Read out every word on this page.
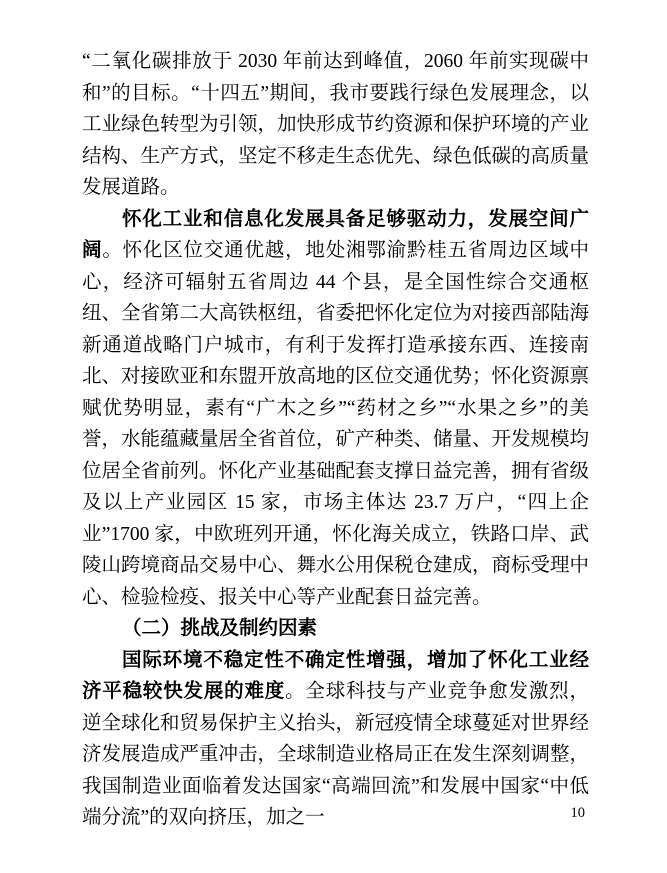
“二氧化碳排放于 2030 年前达到峰值，2060 年前实现碳中和”的目标。“十四五”期间，我市要践行绿色发展理念，以工业绿色转型为引领，加快形成节约资源和保护环境的产业结构、生产方式，坚定不移走生态优先、绿色低碳的高质量发展道路。

怀化工业和信息化发展具备足够驱动力，发展空间广阔。怀化区位交通优越，地处湘鄂渝黔桂五省周边区域中心，经济可辐射五省周边 44 个县，是全国性综合交通枢纽、全省第二大高铁枢纽，省委把怀化定位为对接西部陆海新通道战略门户城市，有利于发挥打造承接东西、连接南北、对接欧亚和东盟开放高地的区位交通优势；怀化资源禀赋优势明显，素有“广木之乡”“药材之乡”“水果之乡”的美誉，水能蕴藏量居全省首位，矿产种类、储量、开发规模均位居全省前列。怀化产业基础配套支撑日益完善，拥有省级及以上产业园区 15 家，市场主体达 23.7 万户，“四上企业”1700 家，中欧班列开通，怀化海关成立，铁路口岸、武陵山跨境商品交易中心、舞水公用保税仓建成，商标受理中心、检验检疫、报关中心等产业配套日益完善。

（二）挑战及制约因素

国际环境不稳定性不确定性增强，增加了怀化工业经济平稳较快发展的难度。全球科技与产业竞争愈发激烈，逆全球化和贸易保护主义抬头，新冠疫情全球蔓延对世界经济发展造成严重冲击，全球制造业格局正在发生深刻调整，我国制造业面临着发达国家“高端回流”和发展中国家“中低端分流”的双向挤压，加之一	10
